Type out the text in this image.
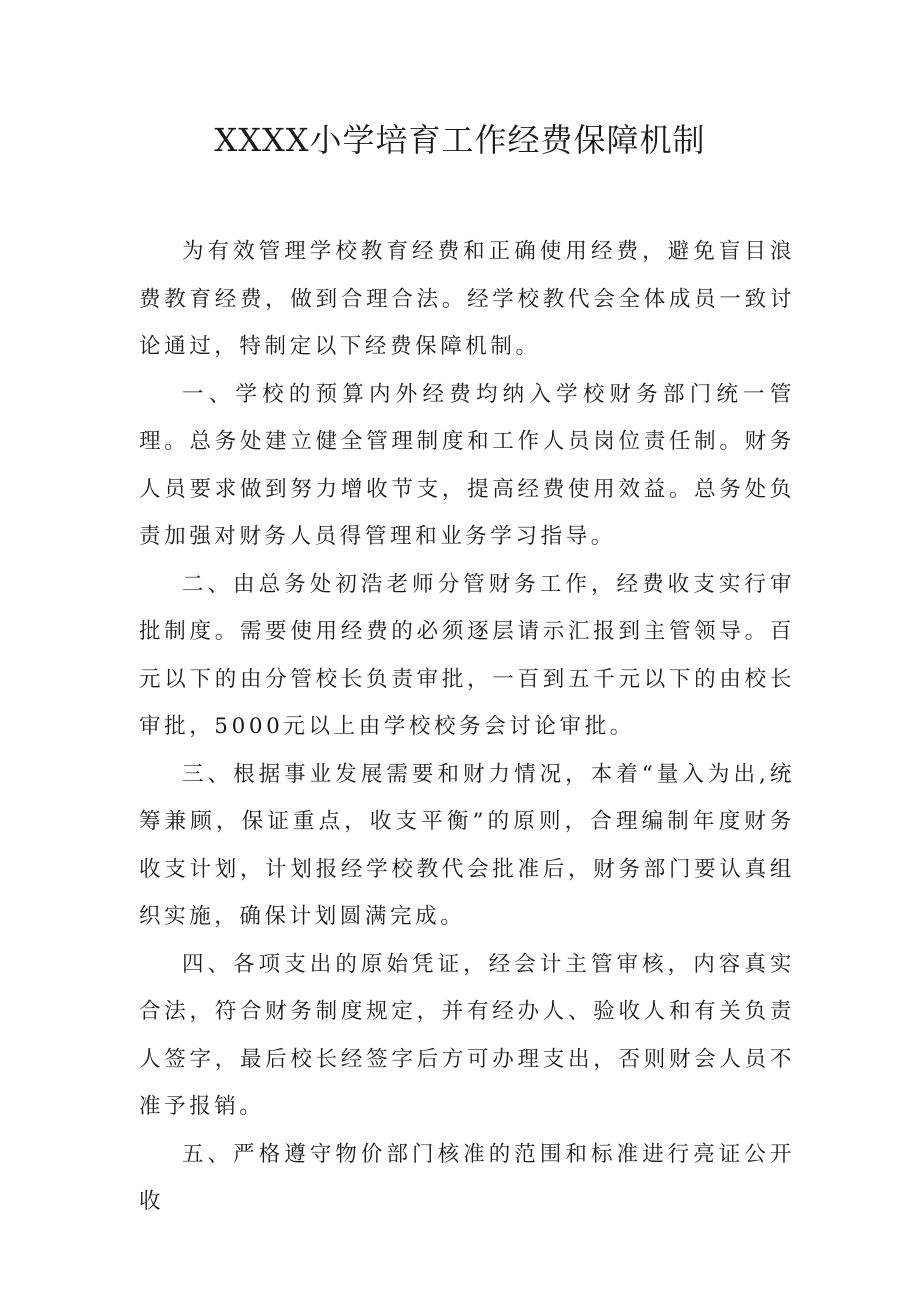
XXXX小学培育工作经费保障机制

为有效管理学校教育经费和正确使用经费，避免盲目浪费教育经费，做到合理合法。经学校教代会全体成员一致讨论通过，特制定以下经费保障机制。

一、学校的预算内外经费均纳入学校财务部门统一管理。总务处建立健全管理制度和工作人员岗位责任制。财务人员要求做到努力增收节支，提高经费使用效益。总务处负责加强对财务人员得管理和业务学习指导。

二、由总务处初浩老师分管财务工作，经费收支实行审批制度。需要使用经费的必须逐层请示汇报到主管领导。百元以下的由分管校长负责审批，一百到五千元以下的由校长审批，5000元以上由学校校务会讨论审批。

三、根据事业发展需要和财力情况，本着“量入为出,统筹兼顾，保证重点，收支平衡”的原则，合理编制年度财务收支计划，计划报经学校教代会批准后，财务部门要认真组织实施，确保计划圆满完成。

四、各项支出的原始凭证，经会计主管审核，内容真实合法，符合财务制度规定，并有经办人、验收人和有关负责人签字，最后校长经签字后方可办理支出，否则财会人员不准予报销。

五、严格遵守物价部门核准的范围和标准进行亮证公开收
